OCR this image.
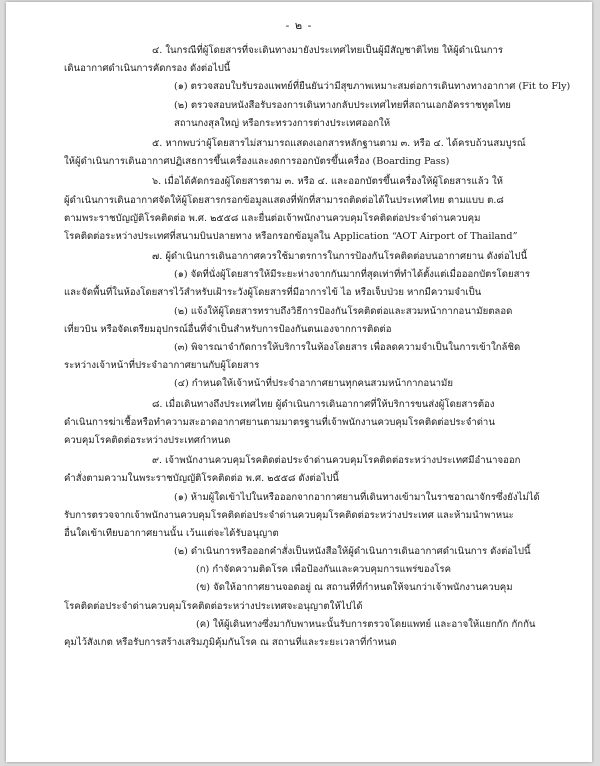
- ๒ -
๔. ในกรณีที่ผู้โดยสารที่จะเดินทางมายังประเทศไทยเป็นผู้มีสัญชาติไทย ให้ผู้ดำเนินการ
เดินอากาศดำเนินการคัดกรอง ดังต่อไปนี้
(๑) ตรวจสอบใบรับรองแพทย์ที่ยืนยันว่ามีสุขภาพเหมาะสมต่อการเดินทางทางอากาศ (Fit to Fly)
(๒) ตรวจสอบหนังสือรับรองการเดินทางกลับประเทศไทยที่สถานเอกอัครราชทูตไทย
สถานกงสุลใหญ่ หรือกระทรวงการต่างประเทศออกให้
๕. หากพบว่าผู้โดยสารไม่สามารถแสดงเอกสารหลักฐานตาม ๓. หรือ ๔. ได้ครบถ้วนสมบูรณ์
ให้ผู้ดำเนินการเดินอากาศปฏิเสธการขึ้นเครื่องและงดการออกบัตรขึ้นเครื่อง (Boarding Pass)
๖. เมื่อได้คัดกรองผู้โดยสารตาม ๓. หรือ ๔. และออกบัตรขึ้นเครื่องให้ผู้โดยสารแล้ว ให้
ผู้ดำเนินการเดินอากาศจัดให้ผู้โดยสารกรอกข้อมูลแสดงที่พักที่สามารถติดต่อได้ในประเทศไทย ตามแบบ ต.๘
ตามพระราชบัญญัติโรคติดต่อ พ.ศ. ๒๕๕๘ และยื่นต่อเจ้าพนักงานควบคุมโรคติดต่อประจำด่านควบคุม
โรคติดต่อระหว่างประเทศที่สนามบินปลายทาง หรือกรอกข้อมูลใน Application “AOT Airport of Thailand”
๗. ผู้ดำเนินการเดินอากาศควรใช้มาตรการในการป้องกันโรคติดต่อบนอากาศยาน ดังต่อไปนี้
(๑) จัดที่นั่งผู้โดยสารให้มีระยะห่างจากกันมากที่สุดเท่าที่ทำได้ตั้งแต่เมื่อออกบัตรโดยสาร
และจัดพื้นที่ในห้องโดยสารไว้สำหรับเฝ้าระวังผู้โดยสารที่มีอาการไข้ ไอ หรือเจ็บป่วย หากมีความจำเป็น
(๒) แจ้งให้ผู้โดยสารทราบถึงวิธีการป้องกันโรคติดต่อและสวมหน้ากากอนามัยตลอด
เที่ยวบิน หรือจัดเตรียมอุปกรณ์อื่นที่จำเป็นสำหรับการป้องกันตนเองจากการติดต่อ
(๓) พิจารณาจำกัดการให้บริการในห้องโดยสาร เพื่อลดความจำเป็นในการเข้าใกล้ชิด
ระหว่างเจ้าหน้าที่ประจำอากาศยานกับผู้โดยสาร
(๔) กำหนดให้เจ้าหน้าที่ประจำอากาศยานทุกคนสวมหน้ากากอนามัย
๘. เมื่อเดินทางถึงประเทศไทย ผู้ดำเนินการเดินอากาศที่ให้บริการขนส่งผู้โดยสารต้อง
ดำเนินการฆ่าเชื้อหรือทำความสะอาดอากาศยานตามมาตรฐานที่เจ้าพนักงานควบคุมโรคติดต่อประจำด่าน
ควบคุมโรคติดต่อระหว่างประเทศกำหนด
๙. เจ้าพนักงานควบคุมโรคติดต่อประจำด่านควบคุมโรคติดต่อระหว่างประเทศมีอำนาจออก
คำสั่งตามความในพระราชบัญญัติโรคติดต่อ พ.ศ. ๒๕๕๘ ดังต่อไปนี้
(๑) ห้ามผู้ใดเข้าไปในหรือออกจากอากาศยานที่เดินทางเข้ามาในราชอาณาจักรซึ่งยังไม่ได้
รับการตรวจจากเจ้าพนักงานควบคุมโรคติดต่อประจำด่านควบคุมโรคติดต่อระหว่างประเทศ และห้ามนำพาหนะ
อื่นใดเข้าเทียบอากาศยานนั้น เว้นแต่จะได้รับอนุญาต
(๒) ดำเนินการหรือออกคำสั่งเป็นหนังสือให้ผู้ดำเนินการเดินอากาศดำเนินการ ดังต่อไปนี้
(ก) กำจัดความติดโรค เพื่อป้องกันและควบคุมการแพร่ของโรค
(ข) จัดให้อากาศยานจอดอยู่ ณ สถานที่ที่กำหนดให้จนกว่าเจ้าพนักงานควบคุม
โรคติดต่อประจำด่านควบคุมโรคติดต่อระหว่างประเทศจะอนุญาตให้ไปได้
(ค) ให้ผู้เดินทางซึ่งมากับพาหนะนั้นรับการตรวจโดยแพทย์ และอาจให้แยกกัก กักกัน
คุมไว้สังเกต หรือรับการสร้างเสริมภูมิคุ้มกันโรค ณ สถานที่และระยะเวลาที่กำหนด
